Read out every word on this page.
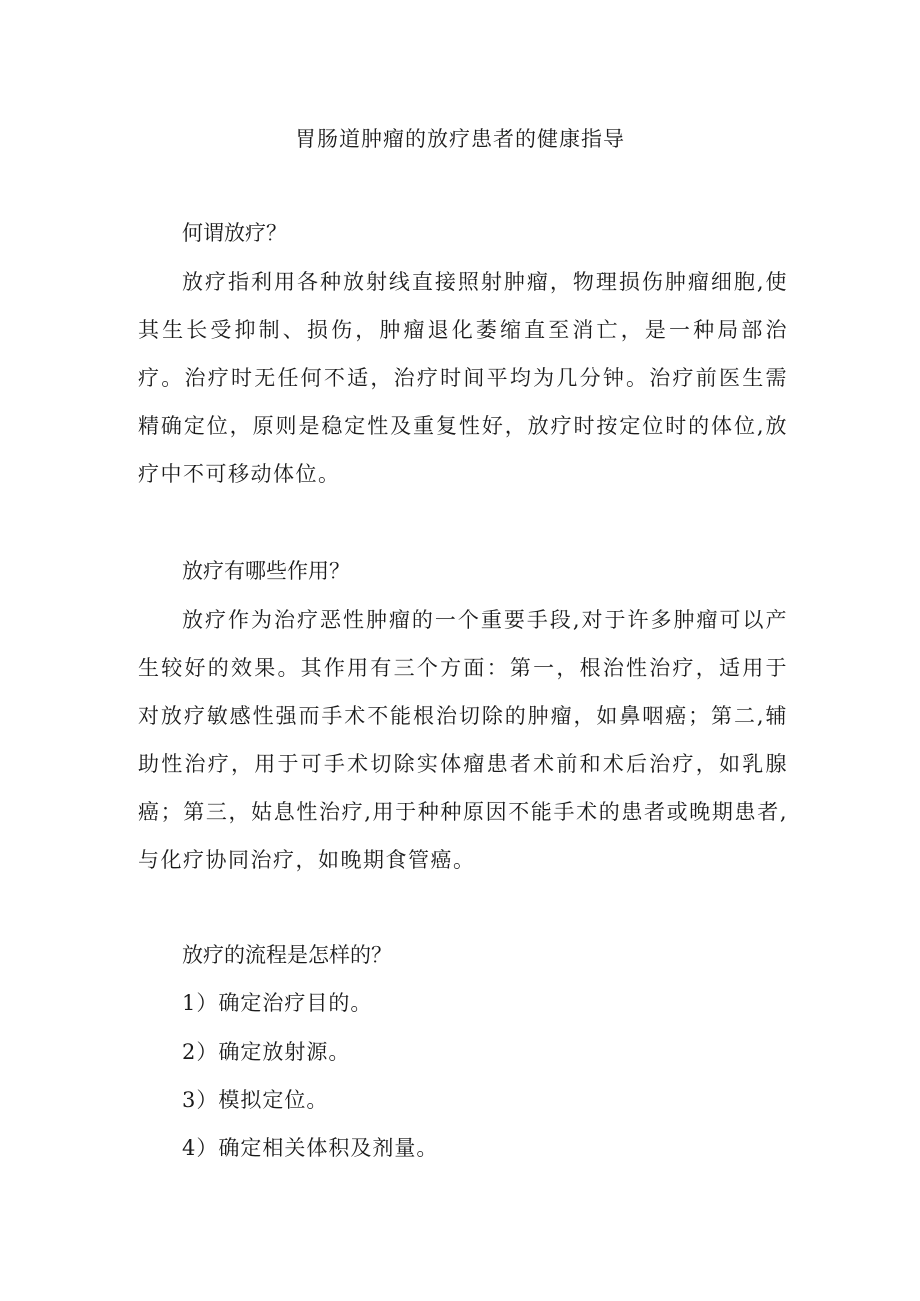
胃肠道肿瘤的放疗患者的健康指导
何谓放疗？
放疗指利用各种放射线直接照射肿瘤，物理损伤肿瘤细胞,使其生长受抑制、损伤，肿瘤退化萎缩直至消亡，是一种局部治疗。治疗时无任何不适，治疗时间平均为几分钟。治疗前医生需精确定位，原则是稳定性及重复性好，放疗时按定位时的体位,放疗中不可移动体位。
放疗有哪些作用？
放疗作为治疗恶性肿瘤的一个重要手段,对于许多肿瘤可以产生较好的效果。其作用有三个方面：第一，根治性治疗，适用于对放疗敏感性强而手术不能根治切除的肿瘤，如鼻咽癌；第二,辅助性治疗，用于可手术切除实体瘤患者术前和术后治疗，如乳腺癌；第三，姑息性治疗,用于种种原因不能手术的患者或晚期患者,与化疗协同治疗，如晚期食管癌。
放疗的流程是怎样的？
1）确定治疗目的。
2）确定放射源。
3）模拟定位。
4）确定相关体积及剂量。
